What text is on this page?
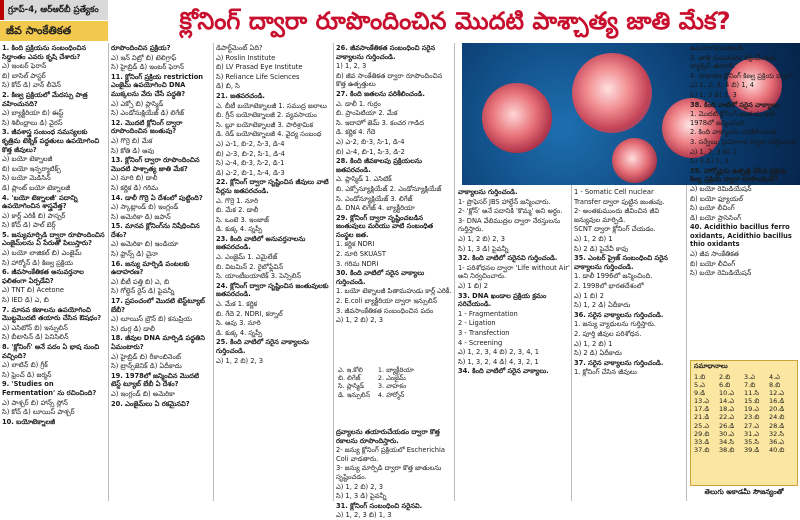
గ్రూప్‌-4, ఆర్‌ఆర్‌బీ ప్రత్యేకం
జీవ సాంకేతికత	క్లోనింగ్‌ ద్వారా రూపొందించిన మొదటి పాశ్చాత్య జాతి మేక?

1. కింది ప్రక్రియను సంబంధించిన సిద్ధాంతం ఎవరు కృషి చేశారు?

ఎ) ఇంటర్‌ ఫెరాన్‌

బి) బాసిల్‌ పాస్టర్‌

సి) కోచ్‌ డి) వాన్‌ లీవెన్‌

2. కిణ్వ ప్రక్రియలో మేదస్సు పాత్ర వహించునది?

ఎ) బ్యాక్టీరియా బి) ఈస్ట్‌

సి) శిలీంధ్రాలు డి) వైరస్‌

3. జీవశాస్త్ర సంబంధ సమస్యలకు కృత్రిమ టెక్నిక్‌ పద్ధతులు ఉపయోగించి కొత్త జీవులు?

ఎ) బయో టెక్నాలజీ

బి) బయో ఇన్ఫర్మాటిక్స్‌

సి) బయో మెడిసిన్‌

డి) ప్లాంట్‌ బయో టెక్నాలజీ

4. 'బయో టెక్నాలజీ' పదాన్ని ఉపయోగించిన శాస్త్రవేత్త?

ఎ) కార్ల్‌ ఎరికీ బి) పాస్చర్‌

సి) కోచ్‌ డి) పాల్‌ బెర్గ్‌

5. జన్యుమార్పిడి ద్వారా రూపొందించిన ఎంజైమ్‌లను ఏ పేరుతో పిలుస్తారు?

ఎ) బయో లాజికల్‌ బి) ఎంజైమ్‌

సి) హార్మోన్‌ డి) కిణ్వ ప్రక్రియ

6. జీవసాంకేతికత అనువర్తనాల ఫలితంగా ఏర్పడేవి?

ఎ) TNT బి) Acetone

సి) IED డి) ఎ, బి

7. మానవ కణాలను ఉపయోగించి మొట్టమొదటి తయారు చేసిన ఔషధం?

ఎ) ఎసిటోన్‌ బి) ఇన్సులిన్‌

సి) బీటాసిన్‌ డి) పెనిసిలిన్‌

8. 'క్లోనింగ్‌' అనే పదం ఏ భాష నుంచి వచ్చింది?

ఎ) లాటిన్‌ బి) గ్రీక్‌

సి) ఫ్రెంచ్‌ డి) జర్మన్‌

9. 'Studies on Fermentation' ను రచించింది?

ఎ) పాశ్చర్‌ బి) హాన్స్‌ స్లోన్‌

సి) కోచ్‌ డి) లూయిస్‌ పాశ్చర్‌

10. బయోటెక్నాలజీ

రూపొందించిన ప్రక్రియ?

ఎ) ఇన్‌ విట్రో బి) టెలిగ్రాఫ్

సి) హైబ్రిడ్‌ డి) ఇంటర్‌ ఫెరాన్‌

11. క్లోనింగ్‌ ప్రక్రియ restriction ఎంజైమ్‌ ఉపయోగించి DNA ముక్కలను వేరు చేసే పద్ధతి?

ఎ) ఎక్సో బి) ప్లాస్మిడ్‌

సి) ఎండోనుక్లియేజ్‌ డి) లిగేజ్‌

12. మొదటి క్లోనింగ్‌ ద్వారా రూపొందించిన జంతువు?

ఎ) గొర్రె బి) మేక

సి) కోతి డి) ఆవు

13. క్లోనింగ్‌ ద్వారా రూపొందించిన మొదటి పాశ్చాత్య జాతి మేక?

ఎ) నూరి బి) డాలీ

సి) కర్ణిక డి) గరిమ

14. డాలీ గొర్రె ఏ దేశంలో పుట్టింది?

ఎ) స్కాట్లాండ్‌ బి) ఇంగ్లండ్‌

సి) అమెరికా డి) జపాన్‌

15. మానవ క్లోనింగ్‌ను నిషేధించిన దేశం?

ఎ) అమెరికా బి) ఇండియా

సి) ఫ్రాన్స్‌ డి) చైనా

16. జన్యు మార్పిడి పంటలకు ఉదాహరణ?

ఎ) బీటీ పత్తి బి) ఎ, బి

సి) గోల్డెన్‌ రైస్‌ డి) పైవన్నీ

17. ప్రపంచంలో మొదటి టెస్ట్‌ట్యూబ్‌ బేబీ?

ఎ) లూయిస్‌ బ్రౌన్‌ బి) కనుప్రియ

సి) దుర్గ డి) డాలీ

18. జీవుల DNA మార్పిడి పద్ధతిని ఏమంటారు?

ఎ) హైబ్రిడ్‌ బి) రీకాంబినెంట్‌

సి) ట్రాన్స్‌జెనిక్‌ డి) ఏదీకాదు

19. 1978లో జన్మించిన మొదటి టెస్ట్‌ ట్యూబ్‌ బేబీ ఏ దేశం?

ఎ) ఇంగ్లండ్‌ బి) అమెరికా

20. ఎంజైమ్‌లు ఏ రకమైనవి?

డిపార్ట్‌మెంట్‌ ఏది?

ఎ) Roslin Institute

బి) LV Prasad Eye Institute

సి) Reliance Life Sciences

డి) బి, సి

21. జతపరచండి.

ఎ. బీటీ బయోటెక్నాలజీ 1. సముద్ర జలాలు

బి. గ్రీన్‌ బయోటెక్నాలజీ 2. వ్యవసాయం

సి. బ్లూ బయోటెక్నాలజీ 3. పారిశ్రామిక

డి. రెడ్‌ బయోటెక్నాలజీ 4. వైద్య సంబంధ

ఎ) ఎ-1, బి-2, సి-3, డి-4

బి) ఎ-3, బి-2, సి-1, డి-4

సి) ఎ-4, బి-3, సి-2, డి-1

డి) ఎ-2, బి-1, సి-4, డి-3

22. క్లోనింగ్‌ ద్వారా సృష్టించిన జీవులు వాటి పేర్లను జతపరచండి.

ఎ. గొర్రె 1. నూరి

బి. మేక 2. డాలీ

సి. ఒంటె 3. ఇంజాజ్‌

డి. కుక్క 4. స్నప్పీ

23. కింది వాటిలో అనువర్తనాలను జతపరచండి.

ఎ. ఎంజైమ్‌ 1. ఎమైలేజ్‌

బి. విటమిన్‌ 2. రైబోఫ్లేవిన్‌

సి. యాంటీబయాటిక్‌ 3. పెన్సిలిన్‌

24. క్లోనింగ్‌ ద్వారా సృష్టించిన జంతువులకు జతపరచండి.

ఎ. మేక 1. కర్ణిక

బి. గేదె 2. NDRI, కర్నాల్‌

సి. ఆవు 3. నూరి

డి. కుక్క 4. స్నప్పీ

25. కింది వాటిలో సరైన వాక్యాలను గుర్తించండి.

ఎ) 1, 2 బి) 2, 3

26. జీవసాంకేతికత సంబంధించి సరైన వాక్యాలను గుర్తించండి.

1) 1, 2, 3

బి) జీవ సాంకేతికత ద్వారా రూపొందించిన కొత్త ఉత్పత్తులు

27. కింది జతలను పరిశీలించండి.

ఎ. డాలీ 1. గుర్రం

బి. ప్రాంపెటియా 2. మేక

సి. ఇదాహో జెమ్‌ 3. కంచర గాడిద

డి. కర్ణిక 4. గేదె

ఎ) ఎ-2, బి-3, సి-1, డి-4

బి) ఎ-4, బి-1, సి-3, డి-2

28. కింది జీవకాలపు ప్రక్రియలను జతపరచండి.

ఎ. ప్లాస్మిడ్‌ 1. ఎసిటిక్‌

బి. ఎక్సోన్యూక్లియేజ్‌ 2. ఎండోన్యూక్లియేజ్‌

సి. ఎండోన్యూక్లియేజ్‌ 3. లిగేజ్‌

డి. DNA లిగేజ్‌ 4. బ్యాక్టీరియా

29. క్లోనింగ్‌ ద్వారా సృష్టించబడిన జంతువులు మరియు వాటి సంబంధిత సంస్థల జత.

1. కర్ణిక NDRI

2. నూరి SKUAST

3. గరిమ NDRI

30. కింది వాటిలో సరైన వాక్యాలు గుర్తించండి.

1. బయో టెక్నాలజీ పితామహుడు కార్ల్‌ ఎరికీ.

2. E.coli బ్యాక్టీరియా ద్వారా ఇన్సులిన్‌

3. జీవసాంకేతికత సంబంధించిన పదం

ఎ) 1, 2 బి) 2, 3

ఎ. ఇ.కోలి		1. బ్యాక్టీరియా
బి. లిగేజ్‌		2. ఎంజైమ్‌
సి. ప్లాస్మిడ్‌		3. వాహకం
డి. ఇన్సులిన్‌		4. హార్మోన్‌

ద్రవ్యాలను తయారుచేయడం ద్వారా కొత్త రకాలను రూపొందిస్తారు.

2- జన్యు క్లోనింగ్‌ ప్రక్రియలో Escherichia Coli వాడతారు.

3- జన్యు మార్పిడి ద్వారా కొత్త జాతులను సృష్టించడం.

ఎ) 1, 2 బి) 2, 3

సి) 1, 3 డి) పైవన్నీ

31. క్లోనింగ్‌ సంబంధించి సరైనవి.

ఎ) 1, 2, 3 బి) 1, 3

వాక్యాలను గుర్తించండి.

1- ప్రొఫెసర్‌ JBS హాల్డేన్‌ జన్మించారు.

2- 'క్లోన్‌' అనే పదానికి 'కొమ్మ' అని అర్థం.

3- DNA వేలిముద్రల ద్వారా నేరస్తులను గుర్తిస్తారు.

ఎ) 1, 2 బి) 2, 3

సి) 1, 3 డి) పైవన్నీ

32. కింది వాటిలో సరైనవి గుర్తించండి.

1- పరిశోధనల ద్వారా 'Life without Air' అని నిర్వచించారు.

ఎ) 1 బి) 2

33. DNA ఖండాల ప్రక్రియ క్రమం సరిచేయండి.

1 - Fragmentation

2 - Ligation

3 - Transfection

4 - Screening

ఎ) 1, 2, 3, 4 బి) 2, 3, 4, 1

సి) 1, 3, 2, 4 డి) 4, 3, 2, 1

34. కింది వాటిలో సరైన వాక్యాలు.

1 - Somatic Cell nuclear

Transfer ద్వారా పుట్టిన జంతువు.

2- అంతకుముందు జీవించిన జీవి జన్యువుల మార్పిడి.

SCNT ద్వారా క్లోనింగ్‌ చేయడం.

ఎ) 1, 2 బి) 1

సి) 2 డి) పైవేవీ కావు

35. ఎంటర్‌ ప్రైజ్‌ సంబంధించి సరైన వాక్యాలను గుర్తించండి.

1. డాలీ 1996లో జన్మించింది.

2. 1998లో భారతదేశంలో

ఎ) 1 బి) 2

సి) 1, 2 డి) ఏదీకాదు

36. సరైన వాక్యాలను గుర్తించండి.

1. జన్యు వ్యాధులను గుర్తిస్తారు.

2. పూర్తి జీవుల పరిశోధన.

ఎ) 1, 2 బి) 1

సి) 2 డి) ఏదీకాదు

37. సరైన వాక్యాలను గుర్తించండి.

1. క్లోనింగ్‌ చేసిన జీవులు

ఉపయోగపడుతుంది.

3. జాతి సంపదలను రక్షించేందుకు వ్యాక్సిన్‌ తయారీ.

4. సాధారణ క్లోనింగ్‌ కిణ్వ ప్రక్రియ ద్వారా.

ఎ) 1, 2, 3, 4 బి) 1, 4

సి) 1, 3 డి) 2, 3

38. కింది వాటిలో సరైన వాక్యాలు.

1. మొదటి క్లోనింగ్‌ జంతువు డాలీ 1978లో జన్మించింది.

2. కింది వాక్యాలను పరిశీలించండి.

3. సర్వేలు, ప్రయోగాల ద్వారా గుర్తించారు.

ఎ) 1, 2, 3 బి) 2

సి) 3 డి) 1, 3

39. హార్మోన్లను ఉత్పత్తి చేసిన ప్రక్రియ కిణ్వ ప్రక్రియ ద్వారా రూపొందించే?

ఎ) బయో రెమిడియేషన్‌

బి) బయో ఫ్యూయల్‌

సి) బయో లీచింగ్‌

డి) బయో ప్రాసెసింగ్‌

40. Acidithio bacillus ferro oxidants, Acidithio bacillus thio oxidants

ఎ) జీవ సాంకేతికత

బి) బయో లీచింగ్‌

సి) బయో రెమిడియేషన్‌

సమాధానాలు
1.బి	2.బి	3.ఎ	4.ఎ
5.ఎ	6.బి	7.బి	8.బి
9.డి	10.ఎ	11.సి	12.ఎ
13.ఎ	14.ఎ	15.బి	16.డి
17.డి	18.ఎ	19.ఎ	20.డి
21.డి	22.ఎ	23.బి	24.బి
25.ఎ	26.డి	27.ఎ	28.డి
29.బి	30.ఎ	31.ఎ	32.సి
33.డి	34.సి	35.సి	36.ఎ
37.బి	38.బి	39.డి	40.బి
తెలుగు అకాడమీ సౌజన్యంతో
